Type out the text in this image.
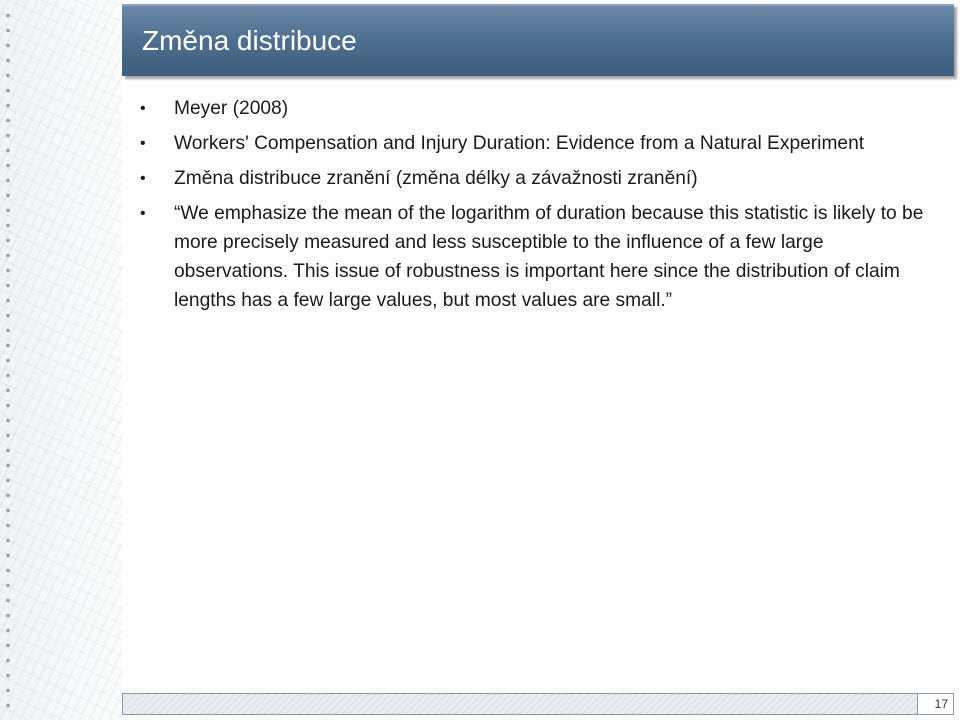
Změna distribuce
• Meyer (2008)
• Workers' Compensation and Injury Duration: Evidence from a Natural Experiment
• Změna distribuce zranění (změna délky a závažnosti zranění)
• “We emphasize the mean of the logarithm of duration because this statistic is likely to be more precisely measured and less susceptible to the influence of a few large observations. This issue of robustness is important here since the distribution of claim lengths has a few large values, but most values are small.”
17
